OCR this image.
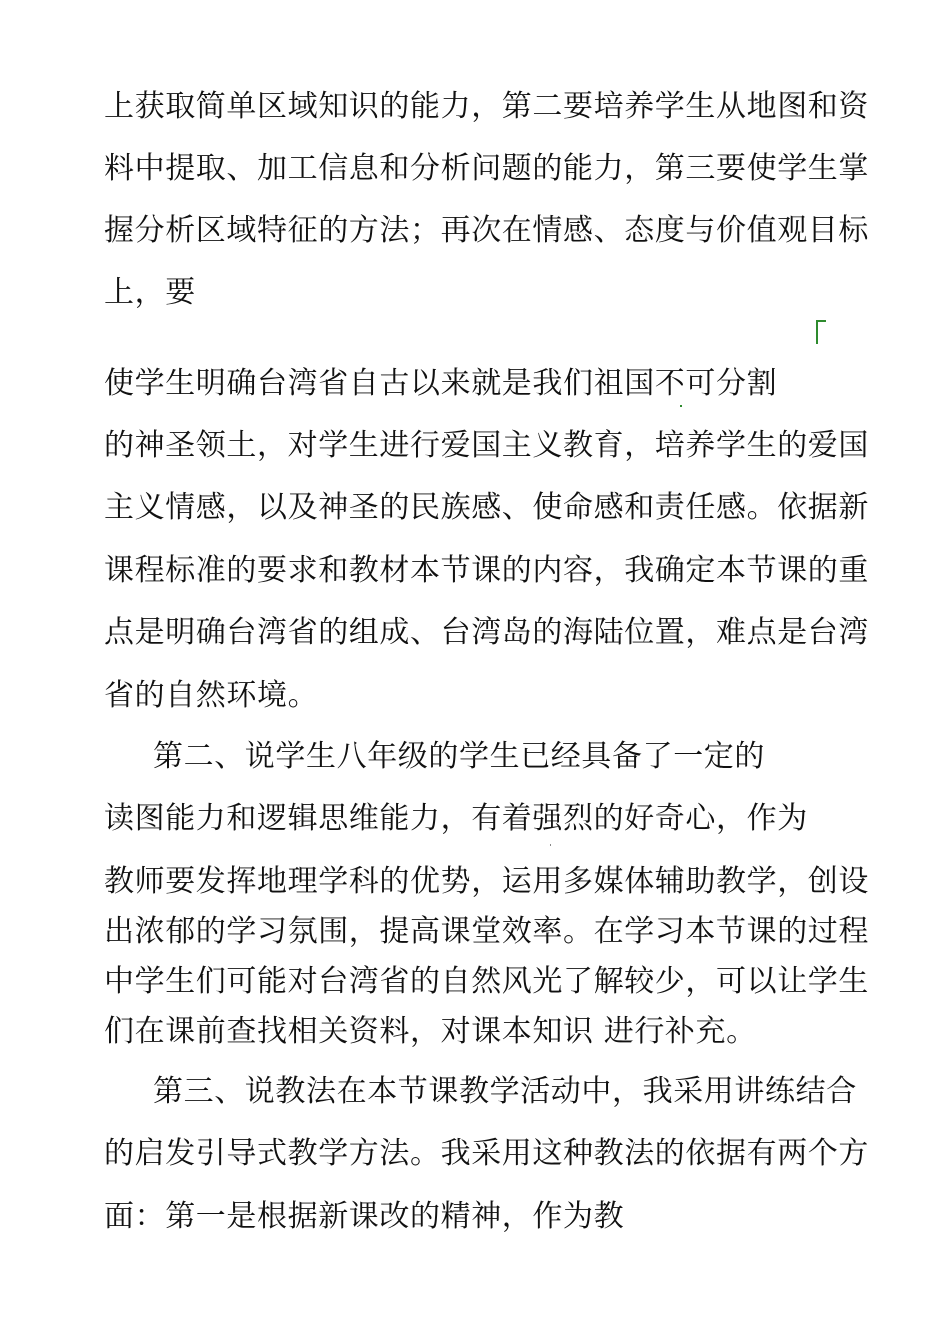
上获取简单区域知识的能力，第二要培养学生从地图和资
料中提取、加工信息和分析问题的能力，第三要使学生掌
握分析区域特征的方法；再次在情感、态度与价值观目标
上，要
使学生明确台湾省自古以来就是我们祖国不可分割
的神圣领土，对学生进行爱国主义教育，培养学生的爱国
主义情感，以及神圣的民族感、使命感和责任感。依据新
课程标准的要求和教材本节课的内容，我确定本节课的重
点是明确台湾省的组成、台湾岛的海陆位置，难点是台湾
省的自然环境。
第二、说学生八年级的学生已经具备了一定的
读图能力和逻辑思维能力，有着强烈的好奇心，作为
教师要发挥地理学科的优势，运用多媒体辅助教学，创设
出浓郁的学习氛围，提高课堂效率。在学习本节课的过程
中学生们可能对台湾省的自然风光了解较少，可以让学生
们在课前查找相关资料，对课本知识 进行补充。
第三、说教法在本节课教学活动中，我采用讲练结合
的启发引导式教学方法。我采用这种教法的依据有两个方
面：第一是根据新课改的精神，作为教
